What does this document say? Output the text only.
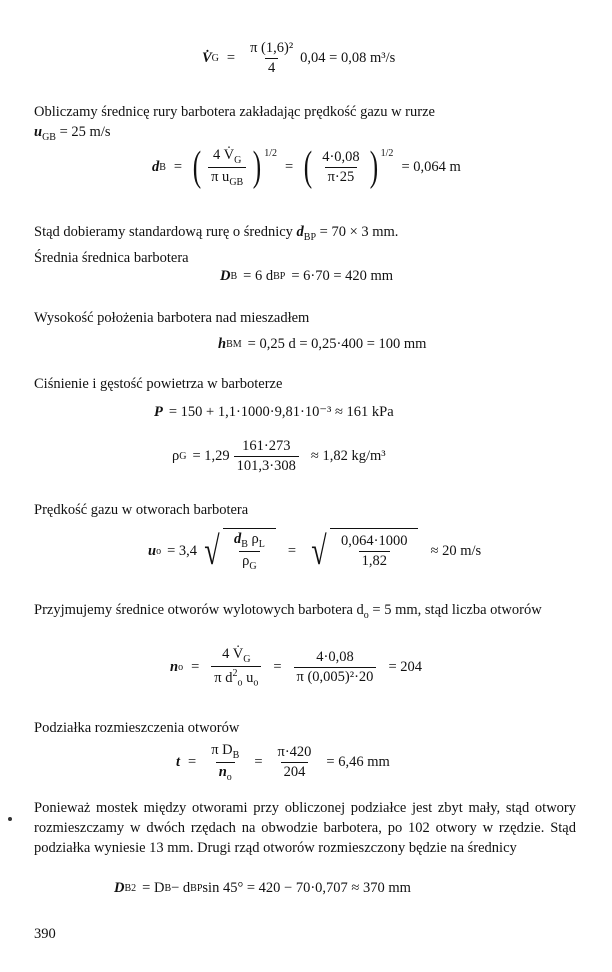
V̇ $G = \frac{\text{π (1,6)²}}{4} 0,04 = 0,08$ m³/s
Obliczamy średnicę rury barbotera zakładając prędkość gazu w rurze
$u_{GB} = 25$ m/s
d B = ( $\frac{4 V̇_G}{\pi u_{GB}}$ ) $^{1/2}$
= ( $\frac{4\cdot 0,08}{\pi\cdot 25}$ ) $^{1/2}$
= 0,064 m
Stąd dobieramy standardową rurę o średnicy $d_{BP} = 70 \times 3$ mm.
Średnia średnica barbotera
D B = 6 d BP = 6·70 = 420 mm
Wysokość położenia barbotera nad mieszadłem
h BM = 0,25 d = 0,25·400 = 100 mm
Ciśnienie i gęstość powietrza w barboterze
P = 150 + 1,1·1000·9,81·10⁻³ ≈ 161 kPa
ρ $G = 1,29 \frac{161\cdot 273}{101,3\cdot 308} \approx 1,82$ kg/m³
Prędkość gazu w otworach barbotera
u o = 3,4 √ $\frac{d_B \rho_L}{\rho_G}$ = √ $\frac{0,064\cdot 1000}{1,82} \approx 20$ m/s
Przyjmujemy średnice otworów wylotowych barbotera $d_o = 5$ mm, stąd liczba otworów
n $o = \frac{4 V̇_G}{\pi d^2_o u_o} = \frac{4\cdot 0,08}{\text{π (0,005)²·20}} = 204$
Podziałka rozmieszczenia otworów
$t = \frac{\pi D_B}{n_o} = \frac{\pi\cdot 420}{204} = 6,46$ mm
Ponieważ mostek między otworami przy obliczonej podziałce jest zbyt mały, stąd otwory rozmieszczamy w dwóch rzędach na obwodzie barbotera, po 102 otwory w rzędzie. Stąd podziałka wyniesie 13 mm. Drugi rząd otworów rozmieszczony będzie na średnicy
D B2 = D B − d BP sin 45° = 420 − 70·0,707 ≈ 370 mm
390
